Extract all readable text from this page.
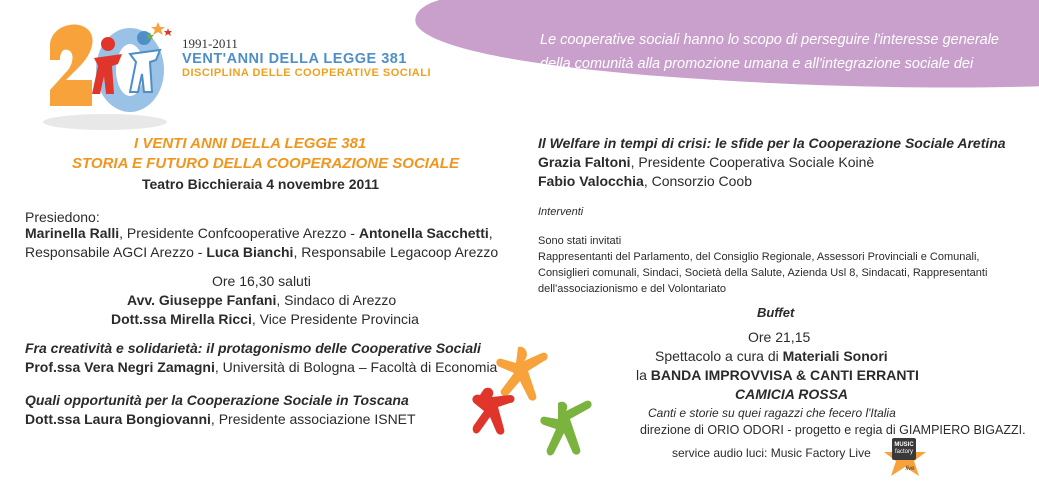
Le cooperative sociali hanno lo scopo di perseguire l'interesse generale della comunità alla promozione umana e all'integrazione sociale dei cittadini…
1991-2011
VENT'ANNI DELLA LEGGE 381
DISCIPLINA DELLE COOPERATIVE SOCIALI
I VENTI ANNI DELLA LEGGE 381
STORIA E FUTURO DELLA COOPERAZIONE SOCIALE
Teatro Bicchieraia 4 novembre 2011
Presiedono:
Marinella Ralli, Presidente Confcooperative Arezzo - Antonella Sacchetti, Responsabile AGCI Arezzo - Luca Bianchi, Responsabile Legacoop Arezzo
Ore 16,30 saluti
Avv. Giuseppe Fanfani, Sindaco di Arezzo
Dott.ssa Mirella Ricci, Vice Presidente Provincia
Fra creatività e solidarietà: il protagonismo delle Cooperative Sociali
Prof.ssa Vera Negri Zamagni, Università di Bologna – Facoltà di Economia
Quali opportunità per la Cooperazione Sociale in Toscana
Dott.ssa Laura Bongiovanni, Presidente associazione ISNET
Il Welfare in tempi di crisi: le sfide per la Cooperazione Sociale Aretina
Grazia Faltoni, Presidente Cooperativa Sociale Koinè
Fabio Valocchia, Consorzio Coob
Interventi
Sono stati invitati
Rappresentanti del Parlamento, del Consiglio Regionale, Assessori Provinciali e Comunali, Consiglieri comunali, Sindaci, Società della Salute, Azienda Usl 8, Sindacati, Rappresentanti dell'associazionismo e del Volontariato
Buffet
Ore 21,15
Spettacolo a cura di Materiali Sonori
la BANDA IMPROVVISA & CANTI ERRANTI
CAMICIA ROSSA
Canti e storie su quei ragazzi che fecero l'Italia
direzione di ORIO ODORI - progetto e regia di GIAMPIERO BIGAZZI.
service audio luci: Music Factory Live
MUSIC
factory
live
